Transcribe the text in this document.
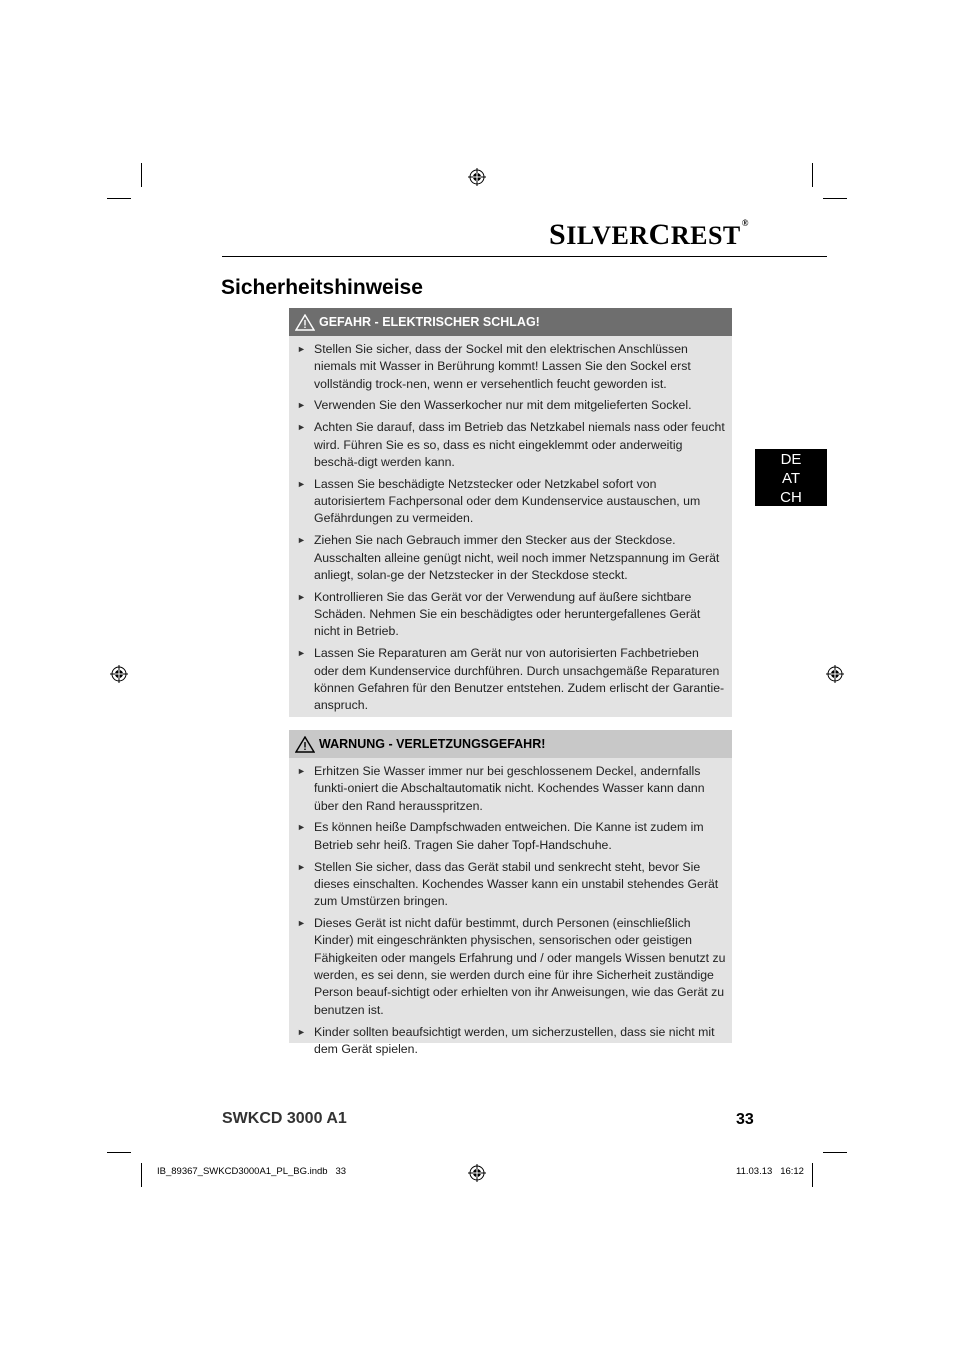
SILVERCREST®
Sicherheitshinweise
GEFAHR - ELEKTRISCHER SCHLAG!
► Stellen Sie sicher, dass der Sockel mit den elektrischen Anschlüssen niemals mit Wasser in Berührung kommt! Lassen Sie den Sockel erst vollständig trock-nen, wenn er versehentlich feucht geworden ist.
► Verwenden Sie den Wasserkocher nur mit dem mitgelieferten Sockel.
► Achten Sie darauf, dass im Betrieb das Netzkabel niemals nass oder feucht wird. Führen Sie es so, dass es nicht eingeklemmt oder anderweitig beschä-digt werden kann.
► Lassen Sie beschädigte Netzstecker oder Netzkabel sofort von autorisiertem Fachpersonal oder dem Kundenservice austauschen, um Gefährdungen zu vermeiden.
► Ziehen Sie nach Gebrauch immer den Stecker aus der Steckdose. Ausschalten alleine genügt nicht, weil noch immer Netzspannung im Gerät anliegt, solan-ge der Netzstecker in der Steckdose steckt.
► Kontrollieren Sie das Gerät vor der Verwendung auf äußere sichtbare Schäden. Nehmen Sie ein beschädigtes oder heruntergefallenes Gerät nicht in Betrieb.
► Lassen Sie Reparaturen am Gerät nur von autorisierten Fachbetrieben oder dem Kundenservice durchführen. Durch unsachgemäße Reparaturen können Gefahren für den Benutzer entstehen. Zudem erlischt der Garantie-anspruch.
WARNUNG - VERLETZUNGSGEFAHR!
► Erhitzen Sie Wasser immer nur bei geschlossenem Deckel, andernfalls funkti-oniert die Abschaltautomatik nicht. Kochendes Wasser kann dann über den Rand herausspritzen.
► Es können heiße Dampfschwaden entweichen. Die Kanne ist zudem im Betrieb sehr heiß. Tragen Sie daher Topf-Handschuhe.
► Stellen Sie sicher, dass das Gerät stabil und senkrecht steht, bevor Sie dieses einschalten. Kochendes Wasser kann ein unstabil stehendes Gerät zum Umstürzen bringen.
► Dieses Gerät ist nicht dafür bestimmt, durch Personen (einschließlich Kinder) mit eingeschränkten physischen, sensorischen oder geistigen Fähigkeiten oder mangels Erfahrung und / oder mangels Wissen benutzt zu werden, es sei denn, sie werden durch eine für ihre Sicherheit zuständige Person beauf-sichtigt oder erhielten von ihr Anweisungen, wie das Gerät zu benutzen ist.
► Kinder sollten beaufsichtigt werden, um sicherzustellen, dass sie nicht mit dem Gerät spielen.
DE
AT
CH
SWKCD 3000 A1	33
IB_89367_SWKCD3000A1_PL_BG.indb   33	11.03.13   16:12
